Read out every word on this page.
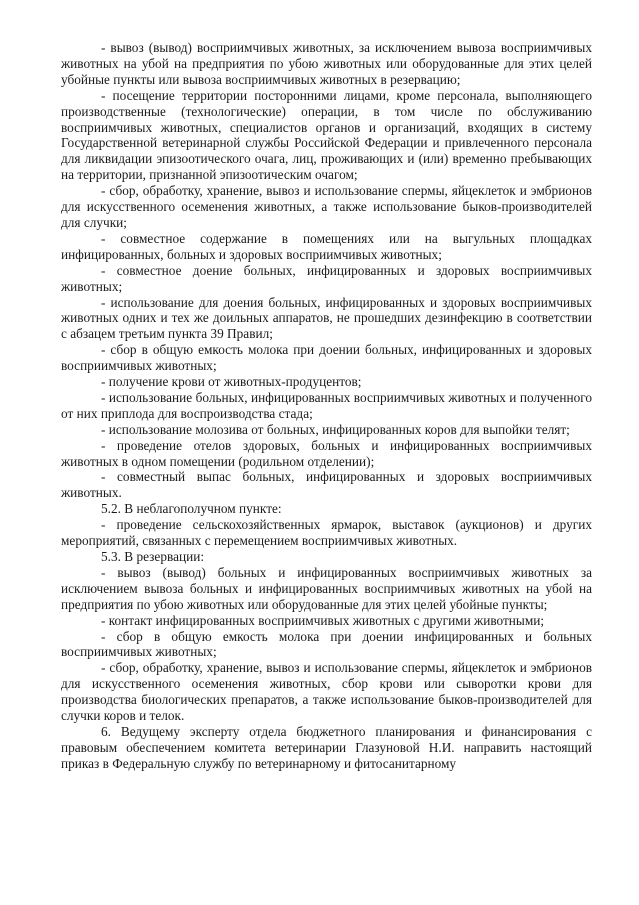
- вывоз (вывод) восприимчивых животных, за исключением вывоза восприимчивых животных на убой на предприятия по убою животных или оборудованные для этих целей убойные пункты или вывоза восприимчивых животных в резервацию;

- посещение территории посторонними лицами, кроме персонала, выполняющего производственные (технологические) операции, в том числе по обслуживанию восприимчивых животных, специалистов органов и организаций, входящих в систему Государственной ветеринарной службы Российской Федерации и привлеченного персонала для ликвидации эпизоотического очага, лиц, проживающих и (или) временно пребывающих на территории, признанной эпизоотическим очагом;

- сбор, обработку, хранение, вывоз и использование спермы, яйцеклеток и эмбрионов для искусственного осеменения животных, а также использование быков-производителей для случки;

- совместное содержание в помещениях или на выгульных площадках инфицированных, больных и здоровых восприимчивых животных;

- совместное доение больных, инфицированных и здоровых восприимчивых животных;

- использование для доения больных, инфицированных и здоровых восприимчивых животных одних и тех же доильных аппаратов, не прошедших дезинфекцию в соответствии с абзацем третьим пункта 39 Правил;

- сбор в общую емкость молока при доении больных, инфицированных и здоровых восприимчивых животных;

- получение крови от животных-продуцентов;

- использование больных, инфицированных восприимчивых животных и полученного от них приплода для воспроизводства стада;

- использование молозива от больных, инфицированных коров для выпойки телят;

- проведение отелов здоровых, больных и инфицированных восприимчивых животных в одном помещении (родильном отделении);

- совместный выпас больных, инфицированных и здоровых восприимчивых животных.

5.2. В неблагополучном пункте:

- проведение сельскохозяйственных ярмарок, выставок (аукционов) и других мероприятий, связанных с перемещением восприимчивых животных.

5.3. В резервации:

- вывоз (вывод) больных и инфицированных восприимчивых животных за исключением вывоза больных и инфицированных восприимчивых животных на убой на предприятия по убою животных или оборудованные для этих целей убойные пункты;

- контакт инфицированных восприимчивых животных с другими животными;

- сбор в общую емкость молока при доении инфицированных и больных восприимчивых животных;

- сбор, обработку, хранение, вывоз и использование спермы, яйцеклеток и эмбрионов для искусственного осеменения животных, сбор крови или сыворотки крови для производства биологических препаратов, а также использование быков-производителей для случки коров и телок.

6. Ведущему эксперту отдела бюджетного планирования и финансирования с правовым обеспечением комитета ветеринарии Глазуновой Н.И. направить настоящий приказ в Федеральную службу по ветеринарному и фитосанитарному
